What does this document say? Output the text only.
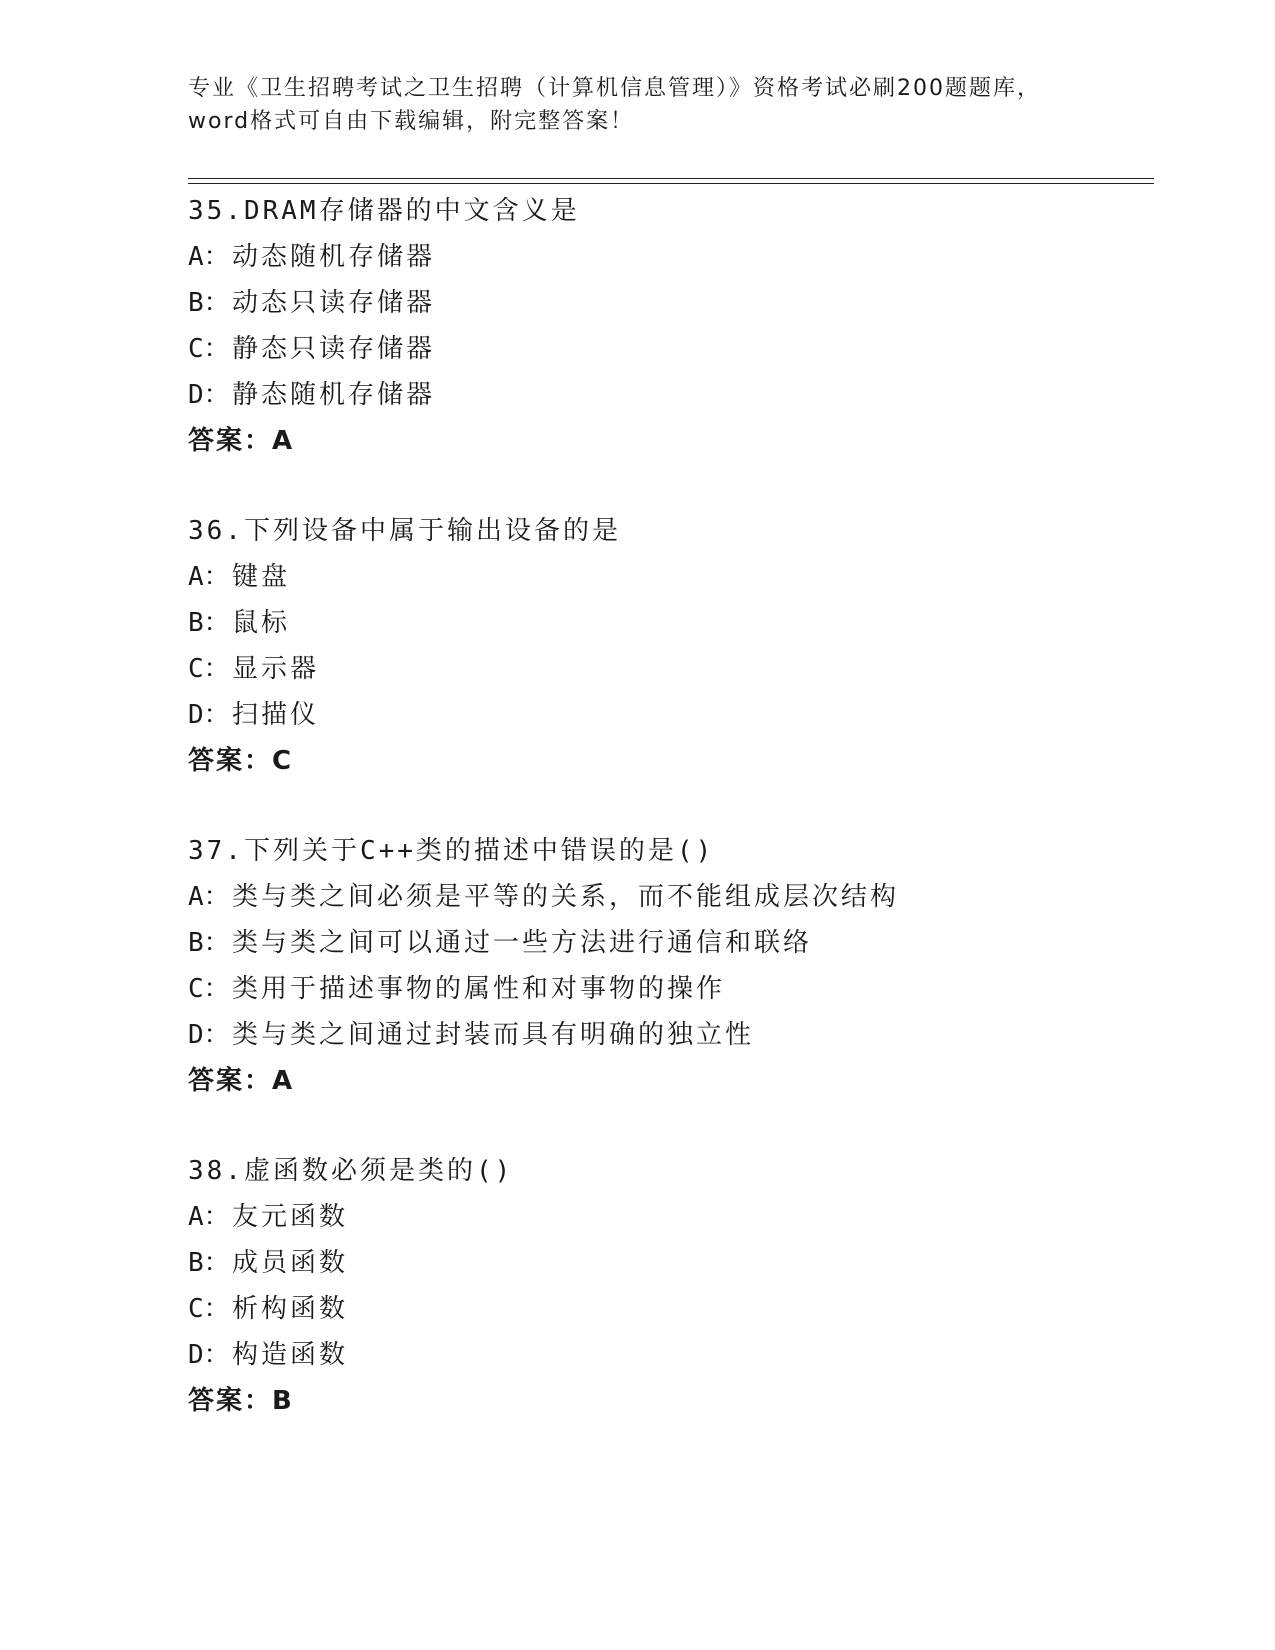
专业《卫生招聘考试之卫生招聘（计算机信息管理）》资格考试必刷200题题库，
word格式可自由下载编辑，附完整答案！
35.DRAM存储器的中文含义是
A：动态随机存储器
B：动态只读存储器
C：静态只读存储器
D：静态随机存储器
答案：A
36.下列设备中属于输出设备的是
A：键盘
B：鼠标
C：显示器
D：扫描仪
答案：C
37.下列关于C++类的描述中错误的是()
A：类与类之间必须是平等的关系，而不能组成层次结构
B：类与类之间可以通过一些方法进行通信和联络
C：类用于描述事物的属性和对事物的操作
D：类与类之间通过封装而具有明确的独立性
答案：A
38.虚函数必须是类的()
A：友元函数
B：成员函数
C：析构函数
D：构造函数
答案：B
